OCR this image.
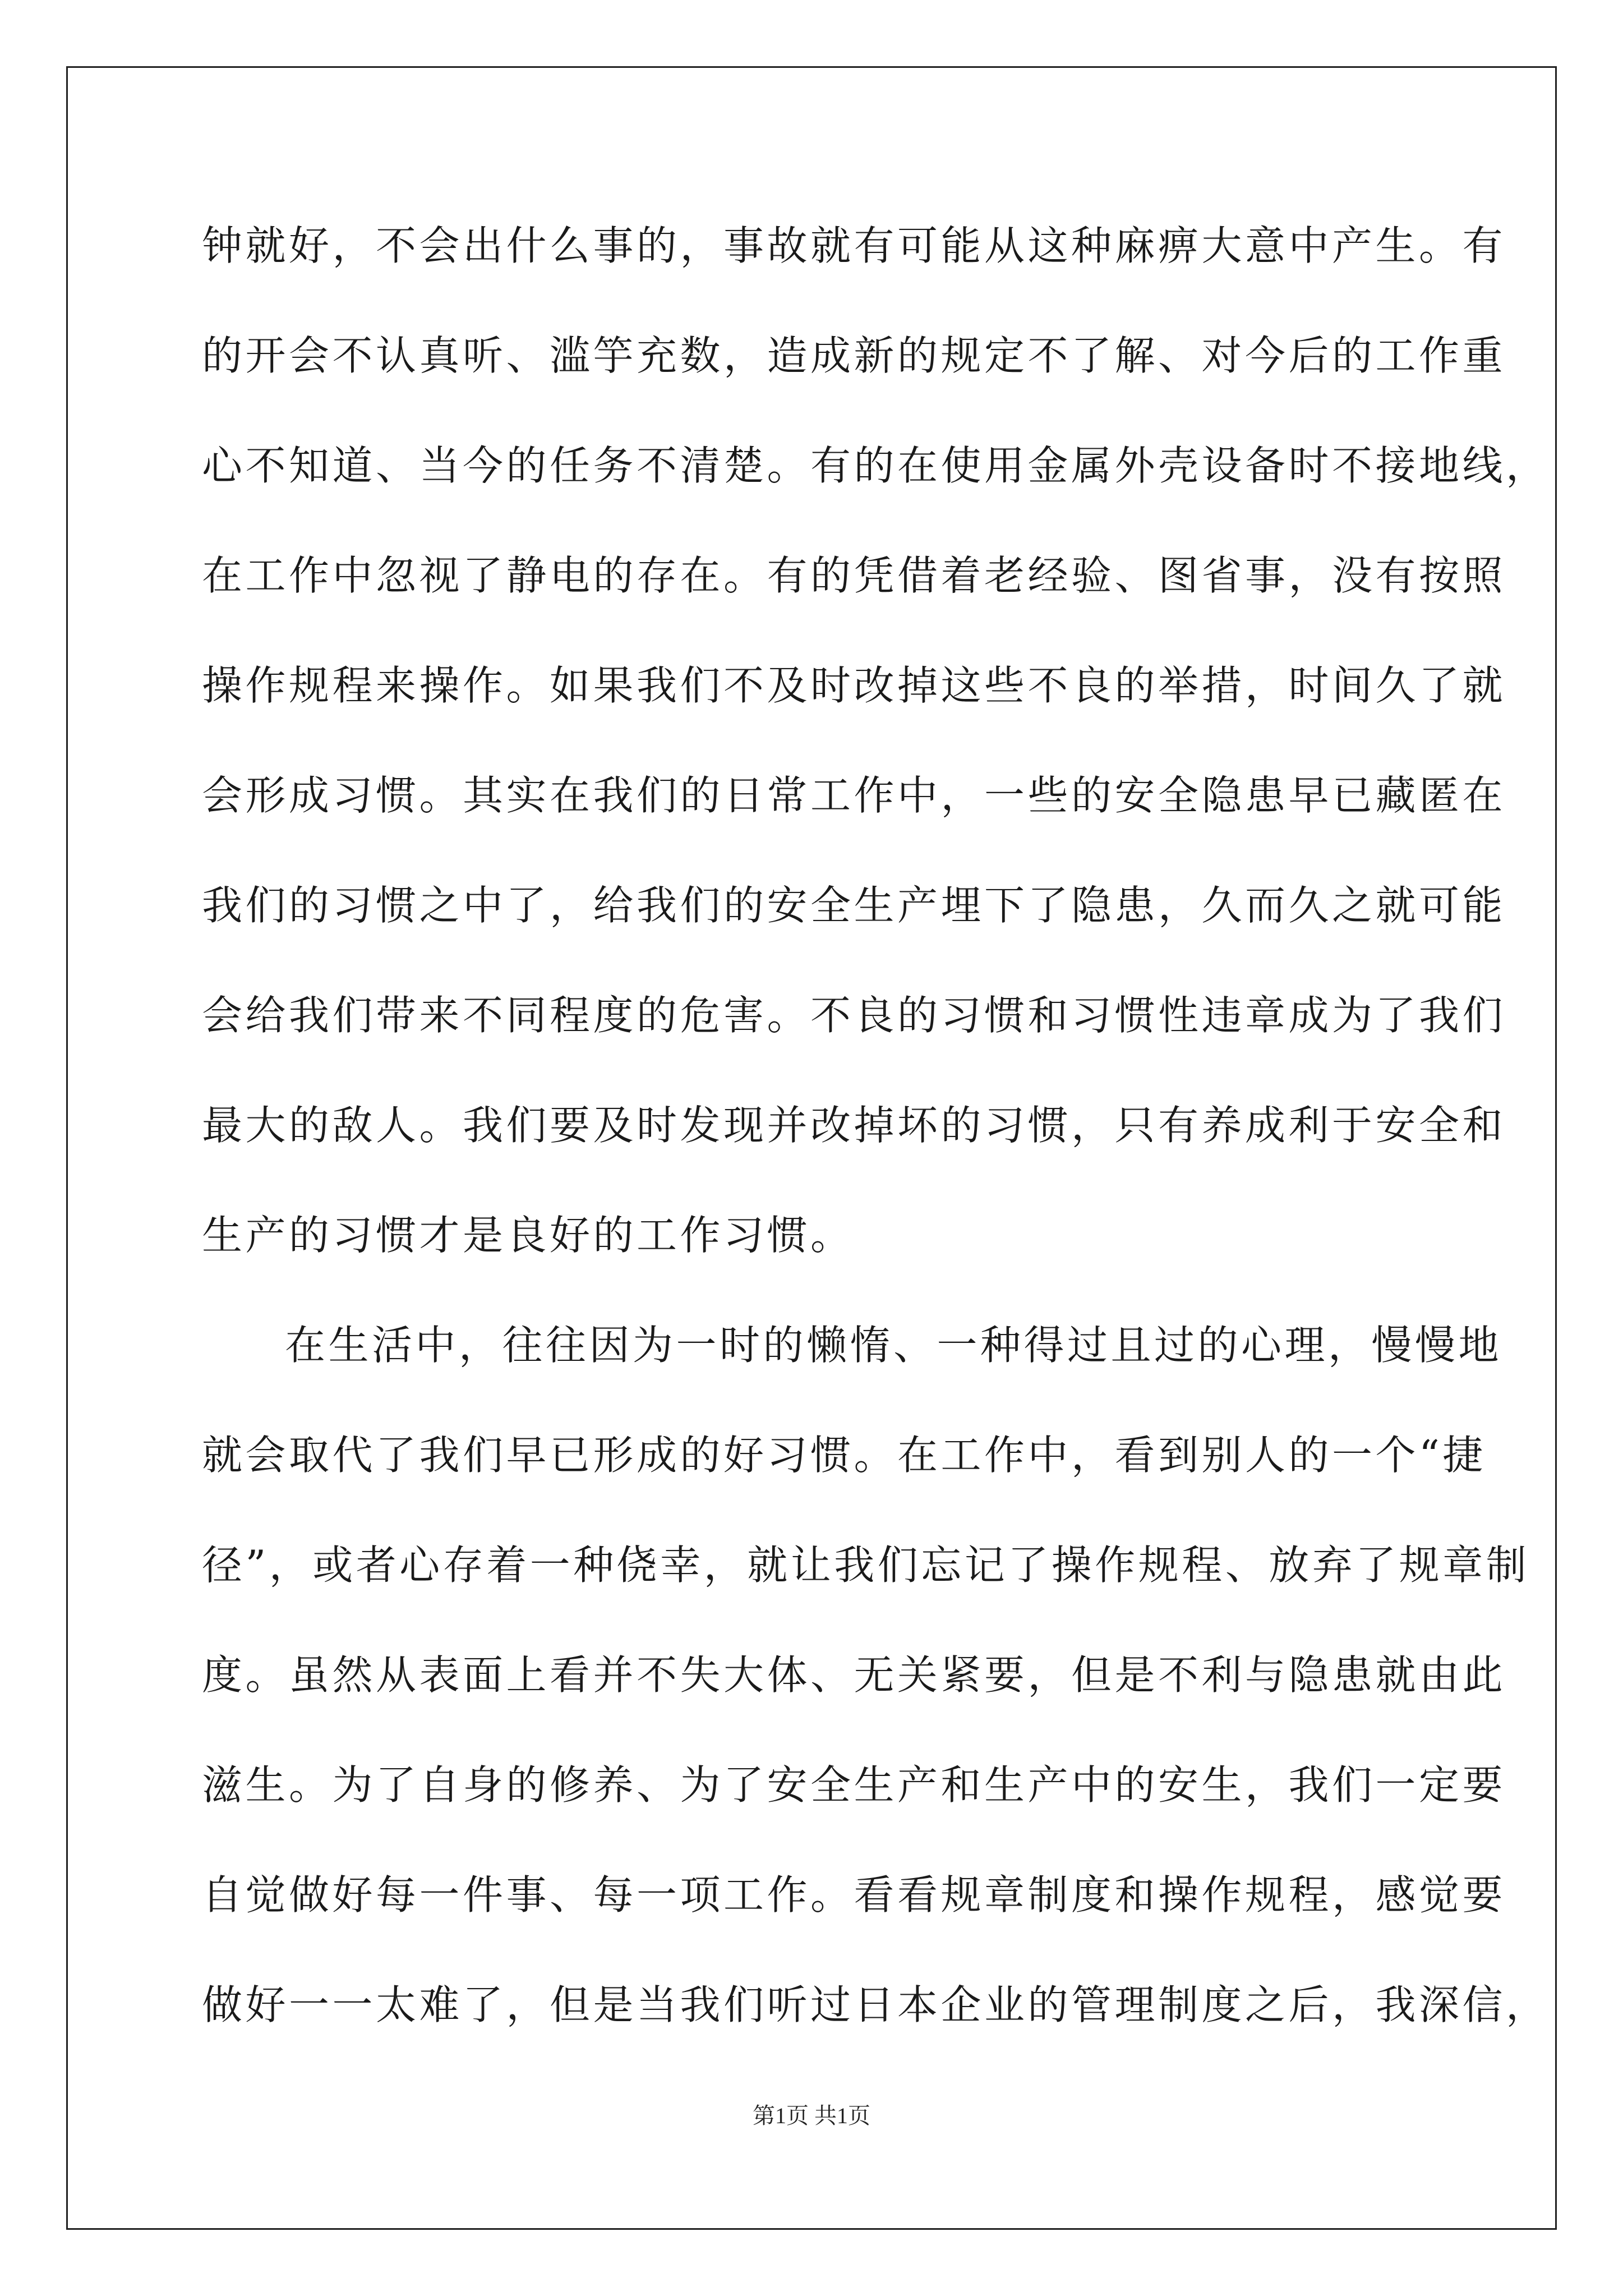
钟就好，不会出什么事的，事故就有可能从这种麻痹大意中产生。有
的开会不认真听、滥竽充数，造成新的规定不了解、对今后的工作重
心不知道、当今的任务不清楚。有的在使用金属外壳设备时不接地线，
在工作中忽视了静电的存在。有的凭借着老经验、图省事，没有按照
操作规程来操作。如果我们不及时改掉这些不良的举措，时间久了就
会形成习惯。其实在我们的日常工作中，一些的安全隐患早已藏匿在
我们的习惯之中了，给我们的安全生产埋下了隐患，久而久之就可能
会给我们带来不同程度的危害。不良的习惯和习惯性违章成为了我们
最大的敌人。我们要及时发现并改掉坏的习惯，只有养成利于安全和
生产的习惯才是良好的工作习惯。
在生活中，往往因为一时的懒惰、一种得过且过的心理，慢慢地
就会取代了我们早已形成的好习惯。在工作中，看到别人的一个“捷
径”，或者心存着一种侥幸，就让我们忘记了操作规程、放弃了规章制
度。虽然从表面上看并不失大体、无关紧要，但是不利与隐患就由此
滋生。为了自身的修养、为了安全生产和生产中的安生，我们一定要
自觉做好每一件事、每一项工作。看看规章制度和操作规程，感觉要
做好一一太难了，但是当我们听过日本企业的管理制度之后，我深信，
第1页 共1页
